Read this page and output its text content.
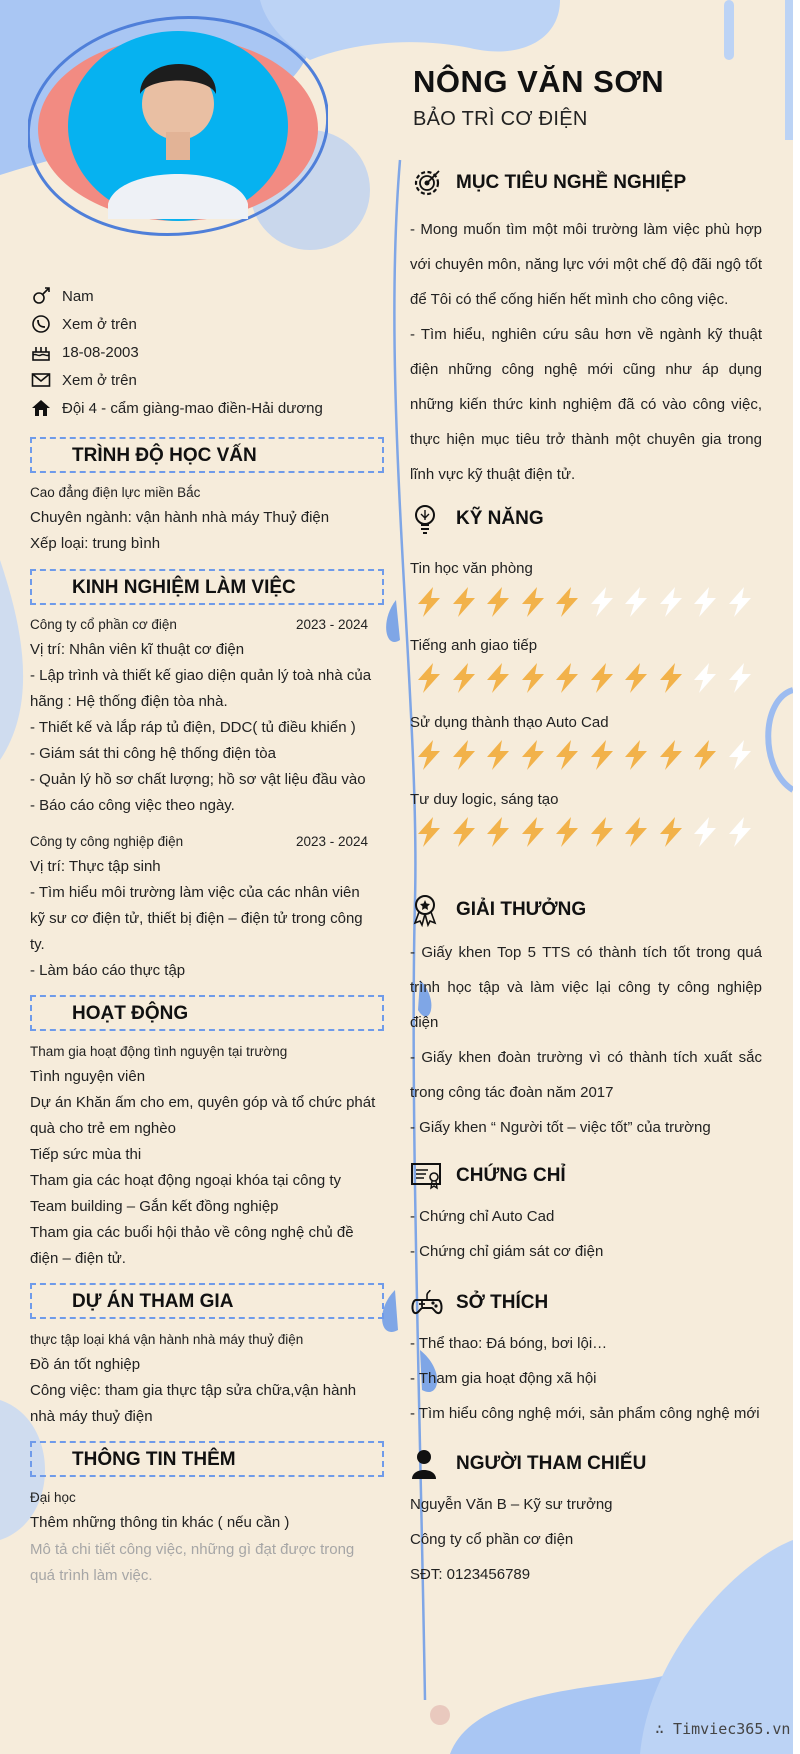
NÔNG VĂN SƠN
BẢO TRÌ CƠ ĐIỆN
Nam
Xem ở trên
18-08-2003
Xem ở trên
Đội 4 - cẩm giàng-mao điền-Hải dương
TRÌNH ĐỘ HỌC VẤN
Cao đẳng điện lực miền Bắc
Chuyên ngành: vận hành nhà máy Thuỷ điện
Xếp loại: trung bình
KINH NGHIỆM LÀM VIỆC
Công ty cổ phần cơ điện	2023 - 2024
Vị trí: Nhân viên kĩ thuật cơ điện
- Lập trình và thiết kế giao diện quản lý toà nhà của
hãng : Hệ thống điện tòa nhà.
- Thiết kế và lắp ráp tủ điện, DDC( tủ điều khiển )
- Giám sát thi công hệ thống điện tòa
- Quản lý hồ sơ chất lượng; hồ sơ vật liệu đầu vào
- Báo cáo công việc theo ngày.
Công ty công nghiệp điện	2023 - 2024
Vị trí: Thực tập sinh
- Tìm hiểu môi trường làm việc của các nhân viên
kỹ sư cơ điện tử, thiết bị điện – điện tử trong công
ty.
- Làm báo cáo thực tập
HOẠT ĐỘNG
Tham gia hoạt động tình nguyện tại trường
Tình nguyện viên
Dự án Khăn ấm cho em, quyên góp và tổ chức phát
quà cho trẻ em nghèo
Tiếp sức mùa thi
Tham gia các hoạt động ngoại khóa tại công ty
Team building – Gắn kết đồng nghiệp
Tham gia các buổi hội thảo về công nghệ chủ đề
điện – điện tử.
DỰ ÁN THAM GIA
thực tập loại khá vận hành nhà máy thuỷ điện
Đồ án tốt nghiệp
Công việc: tham gia thực tập sửa chữa,vận hành
nhà máy thuỷ điện
THÔNG TIN THÊM
Đại học
Thêm những thông tin khác ( nếu cần )
Mô tả chi tiết công việc, những gì đạt được trong
quá trình làm việc.
MỤC TIÊU NGHỀ NGHIỆP
- Mong muốn tìm một môi trường làm việc phù hợp với chuyên môn, năng lực với một chế độ đãi ngộ tốt để Tôi có thể cống hiến hết mình cho công việc.
- Tìm hiểu, nghiên cứu sâu hơn về ngành kỹ thuật điện những công nghệ mới cũng như áp dụng những kiến thức kinh nghiệm đã có vào công việc, thực hiện mục tiêu trở thành một chuyên gia trong lĩnh vực kỹ thuật điện tử.
KỸ NĂNG
Tin học văn phòng
Tiếng anh giao tiếp
Sử dụng thành thạo Auto Cad
Tư duy logic, sáng tạo
GIẢI THƯỞNG
- Giấy khen Top 5 TTS có thành tích tốt trong quá trình học tập và làm việc lại công ty công nghiệp điện
- Giấy khen đoàn trường vì có thành tích xuất sắc trong công tác đoàn năm 2017
- Giấy khen “ Người tốt – việc tốt” của trường
CHỨNG CHỈ
- Chứng chỉ Auto Cad
- Chứng chỉ giám sát cơ điện
SỞ THÍCH
- Thể thao: Đá bóng, bơi lội…
- Tham gia hoạt động xã hội
- Tìm hiểu công nghệ mới, sản phẩm công nghệ mới
NGƯỜI THAM CHIẾU
Nguyễn Văn B – Kỹ sư trưởng
Công ty cổ phần cơ điện
SĐT: 0123456789
∴ Timviec365.vn
